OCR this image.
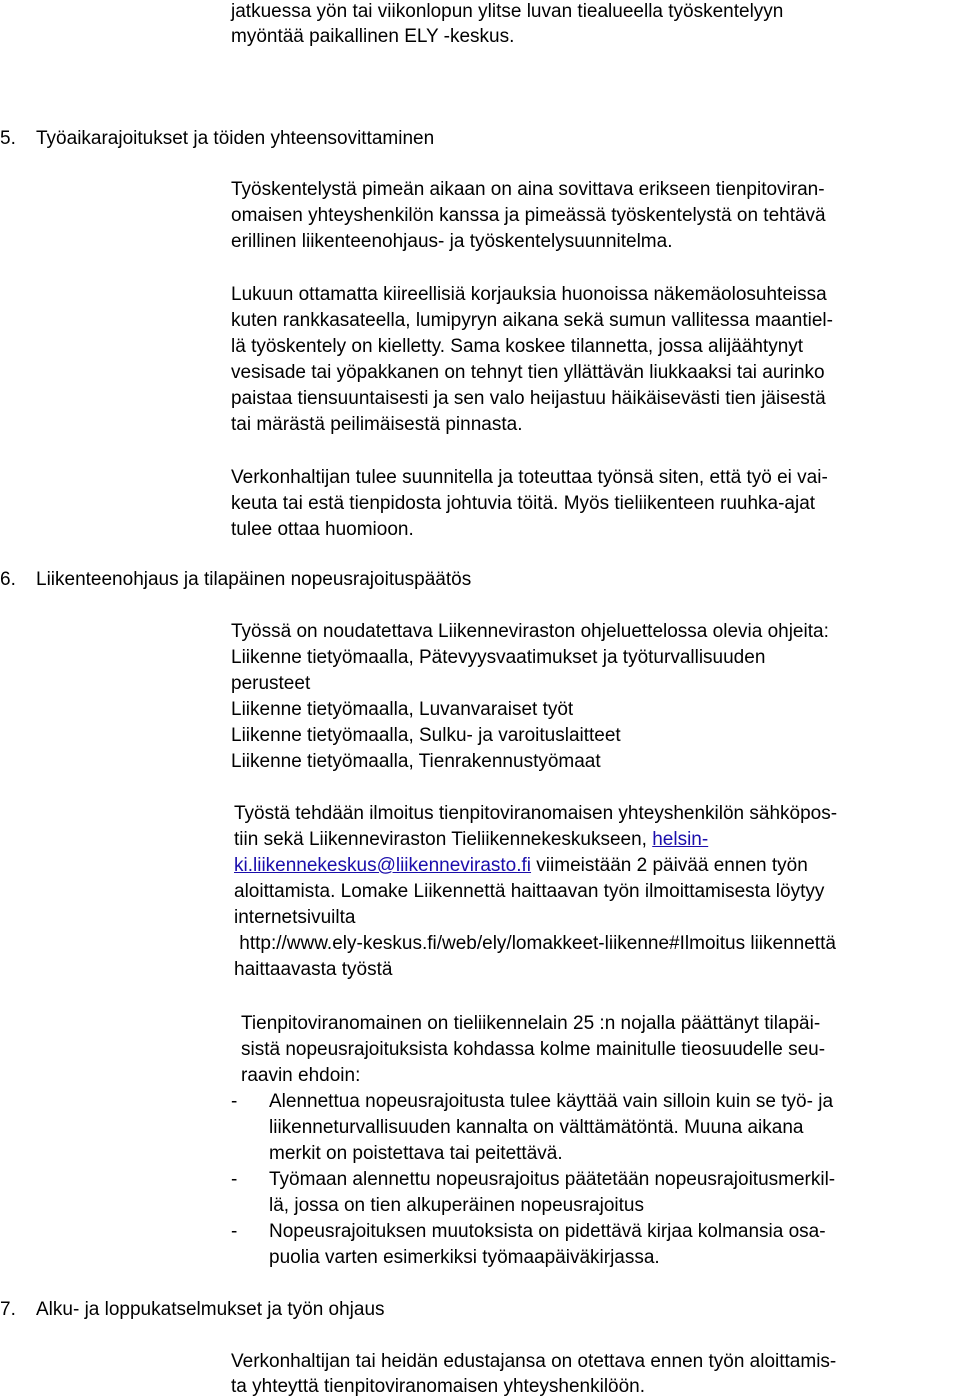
jatkuessa yön tai viikonlopun ylitse luvan tiealueella työskentelyyn
myöntää paikallinen ELY -keskus.
5. Työaikarajoitukset ja töiden yhteensovittaminen
Työskentelystä pimeän aikaan on aina sovittava erikseen tienpitoviran-
omaisen yhteyshenkilön kanssa ja pimeässä työskentelystä on tehtävä
erillinen liikenteenohjaus- ja työskentelysuunnitelma.
Lukuun ottamatta kiireellisiä korjauksia huonoissa näkemäolosuhteissa
kuten rankkasateella, lumipyryn aikana sekä sumun vallitessa maantiel-
lä työskentely on kielletty. Sama koskee tilannetta, jossa alijäähtynyt
vesisade tai yöpakkanen on tehnyt tien yllättävän liukkaaksi tai aurinko
paistaa tiensuuntaisesti ja sen valo heijastuu häikäisevästi tien jäisestä
tai märästä peilimäisestä pinnasta.
Verkonhaltijan tulee suunnitella ja toteuttaa työnsä siten, että työ ei vai-
keuta tai estä tienpidosta johtuvia töitä. Myös tieliikenteen ruuhka-ajat
tulee ottaa huomioon.
6. Liikenteenohjaus ja tilapäinen nopeusrajoituspäätös
Työssä on noudatettava Liikenneviraston ohjeluettelossa olevia ohjeita:
Liikenne tietyömaalla, Pätevyysvaatimukset ja työturvallisuuden
perusteet
Liikenne tietyömaalla, Luvanvaraiset työt
Liikenne tietyömaalla, Sulku- ja varoituslaitteet
Liikenne tietyömaalla, Tienrakennustyömaat
Työstä tehdään ilmoitus tienpitoviranomaisen yhteyshenkilön sähköpos-
tiin sekä Liikenneviraston Tieliikennekeskukseen, helsin-
ki.liikennekeskus@liikennevirasto.fi viimeistään 2 päivää ennen työn
aloittamista. Lomake Liikennettä haittaavan työn ilmoittamisesta löytyy
internetsivuilta
http://www.ely-keskus.fi/web/ely/lomakkeet-liikenne#Ilmoitus liikennettä
haittaavasta työstä
Tienpitoviranomainen on tieliikennelain 25 :n nojalla päättänyt tilapäi-
sistä nopeusrajoituksista kohdassa kolme mainitulle tieosuudelle seu-
raavin ehdoin:
- Alennettua nopeusrajoitusta tulee käyttää vain silloin kuin se työ- ja
liikenneturvallisuuden kannalta on välttämätöntä. Muuna aikana
merkit on poistettava tai peitettävä.
- Työmaan alennettu nopeusrajoitus päätetään nopeusrajoitusmerkil-
lä, jossa on tien alkuperäinen nopeusrajoitus
- Nopeusrajoituksen muutoksista on pidettävä kirjaa kolmansia osa-
puolia varten esimerkiksi työmaapäiväkirjassa.
7. Alku- ja loppukatselmukset ja työn ohjaus
Verkonhaltijan tai heidän edustajansa on otettava ennen työn aloittamis-
ta yhteyttä tienpitoviranomaisen yhteyshenkilöön.
